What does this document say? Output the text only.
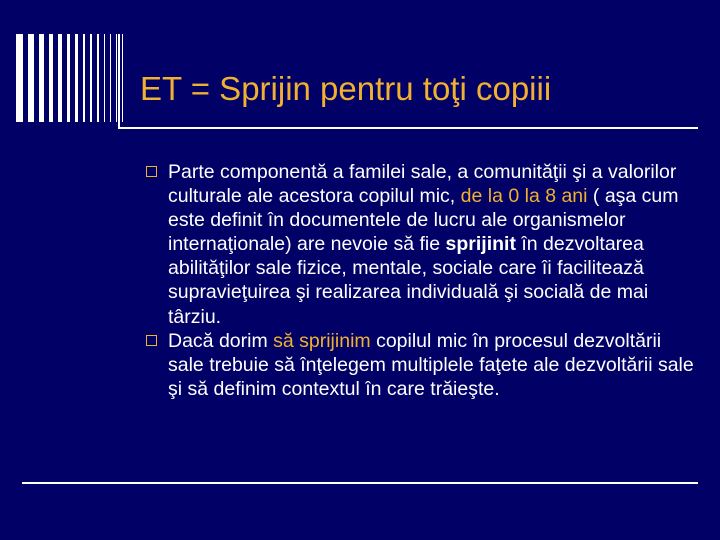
ET = Sprijin pentru toţi copiii
Parte componentă a familei sale, a comunităţii şi a valorilor culturale ale acestora copilul mic, de la 0 la 8 ani ( aşa cum este definit în documentele de lucru ale organismelor internaţionale) are nevoie să fie sprijinit în dezvoltarea abilităţilor sale fizice, mentale, sociale care îi facilitează supravieţuirea şi realizarea individuală şi socială de mai târziu.
Dacă dorim să sprijinim copilul mic în procesul dezvoltării sale trebuie să înţelegem multiplele faţete ale dezvoltării sale şi să definim contextul în care trăieşte.
